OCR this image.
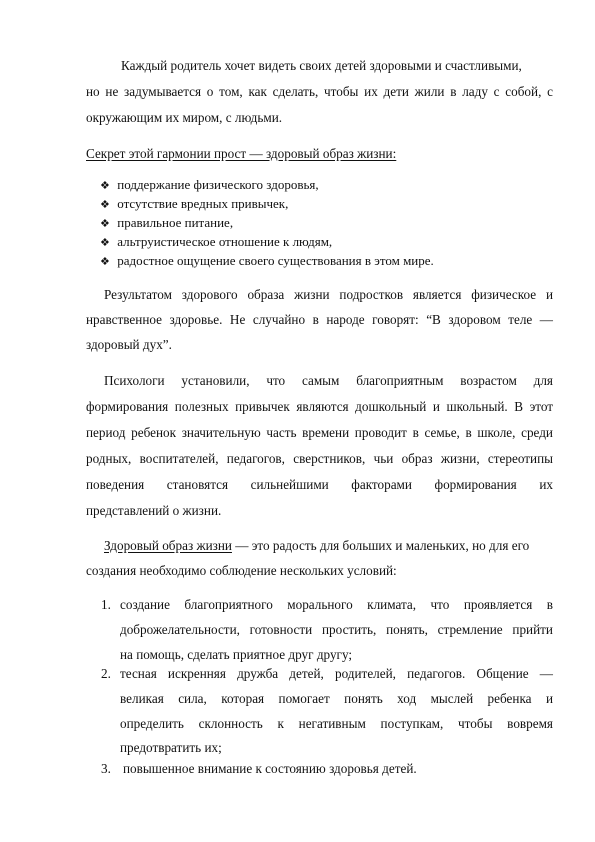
Каждый родитель хочет видеть своих детей здоровыми и счастливыми,
но не задумывается о том, как сделать, чтобы их дети жили в ладу с собой, с
окружающим их миром, с людьми.
Секрет этой гармонии прост — здоровый образ жизни:
❖ поддержание физического здоровья,
❖ отсутствие вредных привычек,
❖ правильное питание,
❖ альтруистическое отношение к людям,
❖ радостное ощущение своего существования в этом мире.
Результатом здорового образа жизни подростков является физическое и
нравственное здоровье. Не случайно в народе говорят: “В здоровом теле —
здоровый дух”.
Психологи установили, что самым благоприятным возрастом для
формирования полезных привычек являются дошкольный и школьный. В этот
период ребенок значительную часть времени проводит в семье, в школе, среди
родных, воспитателей, педагогов, сверстников, чьи образ жизни, стереотипы
поведения становятся сильнейшими факторами формирования их
представлений о жизни.
Здоровый образ жизни — это радость для больших и маленьких, но для его
создания необходимо соблюдение нескольких условий:
1. создание благоприятного морального климата, что проявляется в
доброжелательности, готовности простить, понять, стремление прийти
на помощь, сделать приятное друг другу;
2. тесная искренняя дружба детей, родителей, педагогов. Общение —
великая сила, которая помогает понять ход мыслей ребенка и
определить склонность к негативным поступкам, чтобы вовремя
предотвратить их;
3. повышенное внимание к состоянию здоровья детей.
